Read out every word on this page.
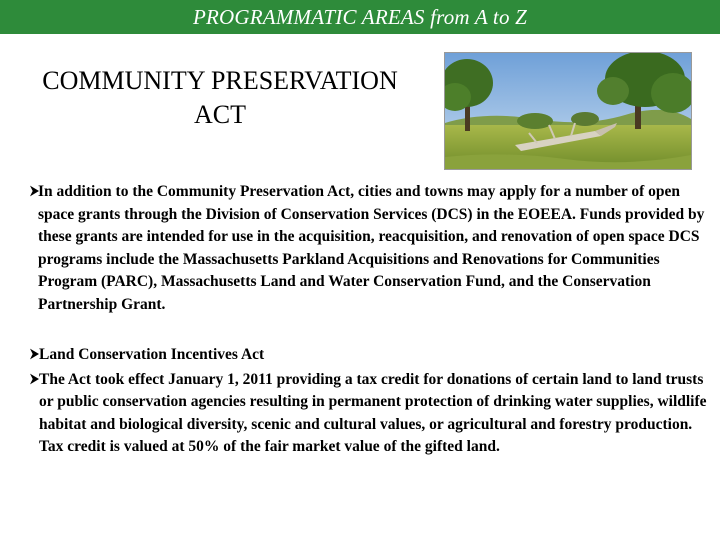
PROGRAMMATIC AREAS from A to Z
COMMUNITY PRESERVATION
ACT
In addition to the Community Preservation Act, cities and towns may apply for a number of open space grants through the Division of Conservation Services (DCS) in the EOEEA. Funds provided by these grants are intended for use in the acquisition, reacquisition, and renovation of open space DCS programs include the Massachusetts Parkland Acquisitions and Renovations for Communities Program (PARC), Massachusetts Land and Water Conservation Fund, and the Conservation Partnership Grant.
Land Conservation Incentives Act
The Act took effect January 1, 2011 providing a tax credit for donations of certain land to land trusts or public conservation agencies resulting in permanent protection of drinking water supplies, wildlife habitat and biological diversity, scenic and cultural values, or agricultural and forestry production. Tax credit is valued at 50% of the fair market value of the gifted land.
